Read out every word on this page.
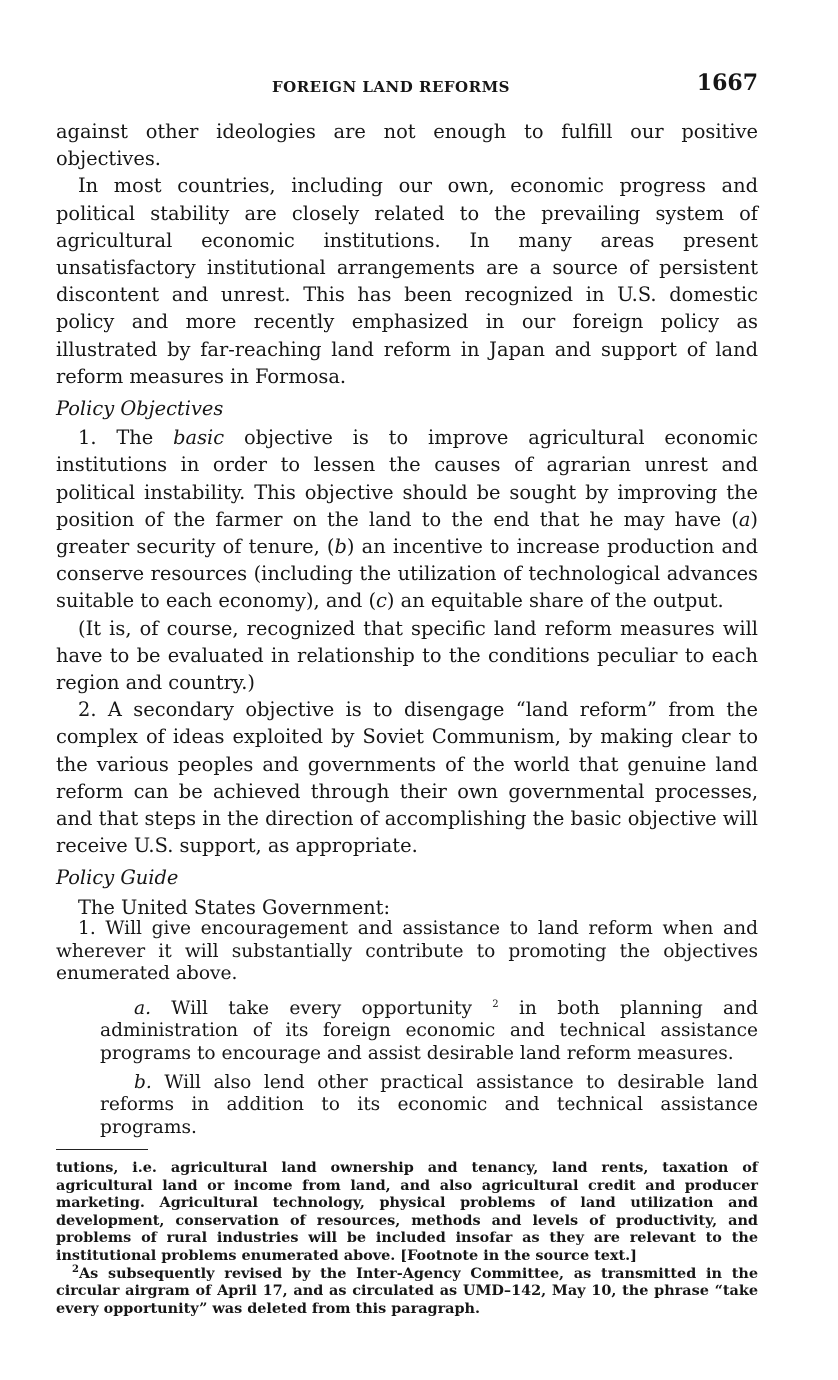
FOREIGN LAND REFORMS	1667

against other ideologies are not enough to fulfill our positive objectives.

In most countries, including our own, economic progress and political stability are closely related to the prevailing system of agricultural economic institutions. In many areas present unsatisfactory institutional arrangements are a source of persistent discontent and unrest. This has been recognized in U.S. domestic policy and more recently emphasized in our foreign policy as illustrated by far-reaching land reform in Japan and support of land reform measures in Formosa.

Policy Objectives

1. The basic objective is to improve agricultural economic institutions in order to lessen the causes of agrarian unrest and political instability. This objective should be sought by improving the position of the farmer on the land to the end that he may have (a) greater security of tenure, (b) an incentive to increase production and conserve resources (including the utilization of technological advances suitable to each economy), and (c) an equitable share of the output.

(It is, of course, recognized that specific land reform measures will have to be evaluated in relationship to the conditions peculiar to each region and country.)

2. A secondary objective is to disengage “land reform” from the complex of ideas exploited by Soviet Communism, by making clear to the various peoples and governments of the world that genuine land reform can be achieved through their own governmental processes, and that steps in the direction of accomplishing the basic objective will receive U.S. support, as appropriate.

Policy Guide

The United States Government:

1. Will give encouragement and assistance to land reform when and wherever it will substantially contribute to promoting the objectives enumerated above.

a. Will take every opportunity $^2$ in both planning and administration of its foreign economic and technical assistance programs to encourage and assist desirable land reform measures.

b. Will also lend other practical assistance to desirable land reforms in addition to its economic and technical assistance programs.

tutions, i.e. agricultural land ownership and tenancy, land rents, taxation of agricultural land or income from land, and also agricultural credit and producer marketing. Agricultural technology, physical problems of land utilization and development, conservation of resources, methods and levels of productivity, and problems of rural industries will be included insofar as they are relevant to the institutional problems enumerated above. [Footnote in the source text.]

$^2$As subsequently revised by the Inter-Agency Committee, as transmitted in the circular airgram of April 17, and as circulated as UMD–142, May 10, the phrase “take every opportunity” was deleted from this paragraph.
